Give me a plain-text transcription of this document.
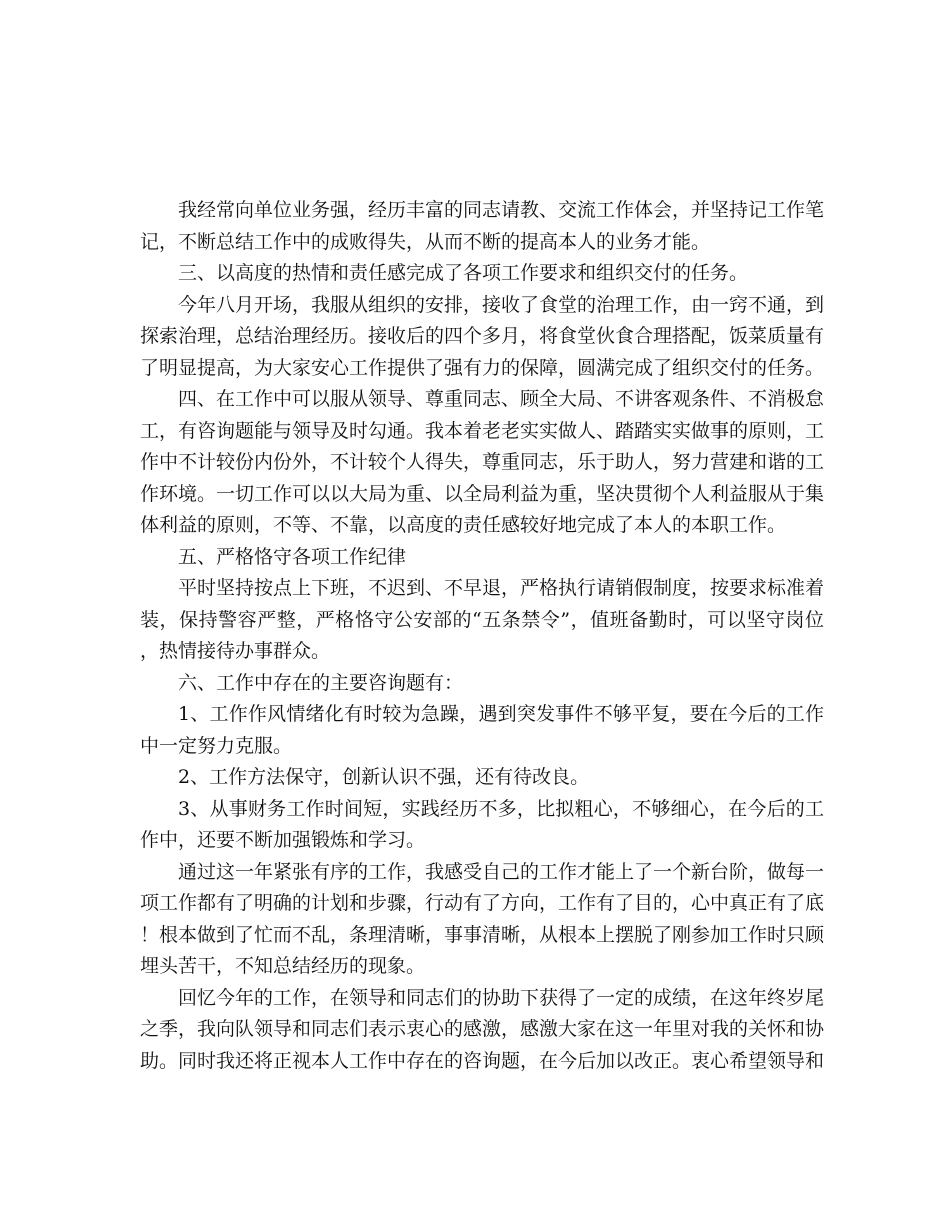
我经常向单位业务强，经历丰富的同志请教、交流工作体会，并坚持记工作笔记，不断总结工作中的成败得失，从而不断的提高本人的业务才能。

三、以高度的热情和责任感完成了各项工作要求和组织交付的任务。

今年八月开场，我服从组织的安排，接收了食堂的治理工作，由一窍不通，到探索治理，总结治理经历。接收后的四个多月，将食堂伙食合理搭配，饭菜质量有了明显提高，为大家安心工作提供了强有力的保障，圆满完成了组织交付的任务。

四、在工作中可以服从领导、尊重同志、顾全大局、不讲客观条件、不消极怠工，有咨询题能与领导及时勾通。我本着老老实实做人、踏踏实实做事的原则，工作中不计较份内份外，不计较个人得失，尊重同志，乐于助人，努力营建和谐的工作环境。一切工作可以以大局为重、以全局利益为重，坚决贯彻个人利益服从于集体利益的原则，不等、不靠，以高度的责任感较好地完成了本人的本职工作。

五、严格恪守各项工作纪律

平时坚持按点上下班，不迟到、不早退，严格执行请销假制度，按要求标准着装，保持警容严整，严格恪守公安部的“五条禁令”，值班备勤时，可以坚守岗位，热情接待办事群众。

六、工作中存在的主要咨询题有：

1、工作作风情绪化有时较为急躁，遇到突发事件不够平复，要在今后的工作中一定努力克服。

2、工作方法保守，创新认识不强，还有待改良。

3、从事财务工作时间短，实践经历不多，比拟粗心，不够细心，在今后的工作中，还要不断加强锻炼和学习。

通过这一年紧张有序的工作，我感受自己的工作才能上了一个新台阶，做每一项工作都有了明确的计划和步骤，行动有了方向，工作有了目的，心中真正有了底！根本做到了忙而不乱，条理清晰，事事清晰，从根本上摆脱了刚参加工作时只顾埋头苦干，不知总结经历的现象。

回忆今年的工作，在领导和同志们的协助下获得了一定的成绩，在这年终岁尾之季，我向队领导和同志们表示衷心的感激，感激大家在这一年里对我的关怀和协助。同时我还将正视本人工作中存在的咨询题，在今后加以改正。衷心希望领导和
